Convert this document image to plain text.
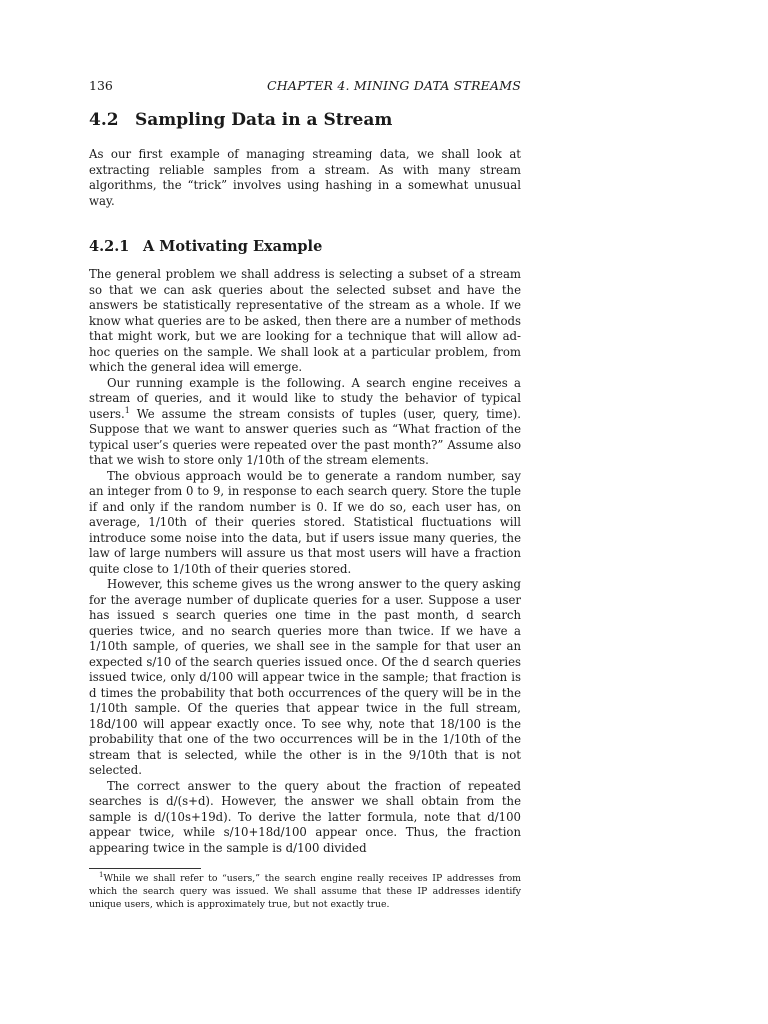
136	CHAPTER 4. MINING DATA STREAMS
4.2 Sampling Data in a Stream

As our first example of managing streaming data, we shall look at extracting reliable samples from a stream. As with many stream algorithms, the “trick” involves using hashing in a somewhat unusual way.

4.2.1 A Motivating Example

The general problem we shall address is selecting a subset of a stream so that we can ask queries about the selected subset and have the answers be statistically representative of the stream as a whole. If we know what queries are to be asked, then there are a number of methods that might work, but we are looking for a technique that will allow ad-hoc queries on the sample. We shall look at a particular problem, from which the general idea will emerge.

Our running example is the following. A search engine receives a stream of queries, and it would like to study the behavior of typical users.$^1$ We assume the stream consists of tuples (user, query, time). Suppose that we want to answer queries such as “What fraction of the typical user’s queries were repeated over the past month?” Assume also that we wish to store only 1/10th of the stream elements.

The obvious approach would be to generate a random number, say an integer from 0 to 9, in response to each search query. Store the tuple if and only if the random number is 0. If we do so, each user has, on average, 1/10th of their queries stored. Statistical fluctuations will introduce some noise into the data, but if users issue many queries, the law of large numbers will assure us that most users will have a fraction quite close to 1/10th of their queries stored.

However, this scheme gives us the wrong answer to the query asking for the average number of duplicate queries for a user. Suppose a user has issued s search queries one time in the past month, d search queries twice, and no search queries more than twice. If we have a 1/10th sample, of queries, we shall see in the sample for that user an expected s/10 of the search queries issued once. Of the d search queries issued twice, only d/100 will appear twice in the sample; that fraction is d times the probability that both occurrences of the query will be in the 1/10th sample. Of the queries that appear twice in the full stream, 18d/100 will appear exactly once. To see why, note that 18/100 is the probability that one of the two occurrences will be in the 1/10th of the stream that is selected, while the other is in the 9/10th that is not selected.

The correct answer to the query about the fraction of repeated searches is d/(s+d). However, the answer we shall obtain from the sample is d/(10s+19d). To derive the latter formula, note that d/100 appear twice, while s/10+18d/100 appear once. Thus, the fraction appearing twice in the sample is d/100 divided

$^1$While we shall refer to “users,” the search engine really receives IP addresses from which the search query was issued. We shall assume that these IP addresses identify unique users, which is approximately true, but not exactly true.
